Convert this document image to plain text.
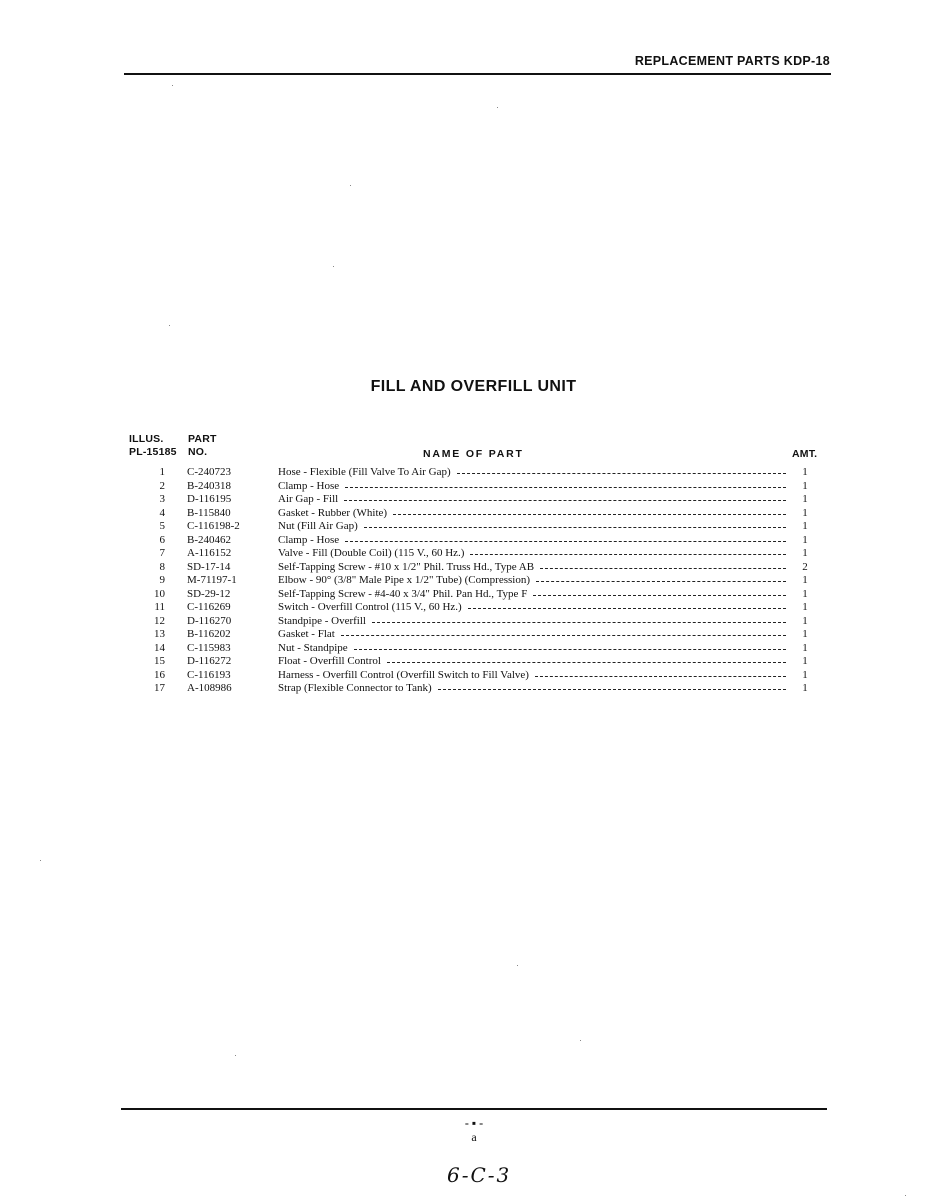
REPLACEMENT PARTS KDP-18
FILL AND OVERFILL UNIT
ILLUS.
PL-15185
PART
NO.	NAME OF PART	AMT.
1 C-240723	Hose - Flexible (Fill Valve To Air Gap)	1
2 B-240318	Clamp - Hose	1
3 D-116195	Air Gap - Fill	1
4 B-115840	Gasket - Rubber (White)	1
5 C-116198-2	Nut (Fill Air Gap)	1
6 B-240462	Clamp - Hose	1
7 A-116152	Valve - Fill (Double Coil) (115 V., 60 Hz.)	1
8 SD-17-14	Self-Tapping Screw - #10 x 1/2" Phil. Truss Hd., Type AB	2
9 M-71197-1	Elbow - 90° (3/8" Male Pipe x 1/2" Tube) (Compression)	1
10 SD-29-12	Self-Tapping Screw - #4-40 x 3/4" Phil. Pan Hd., Type F	1
11 C-116269	Switch - Overfill Control (115 V., 60 Hz.)	1
12 D-116270	Standpipe - Overfill	1
13 B-116202	Gasket - Flat	1
14 C-115983	Nut - Standpipe	1
15 D-116272	Float - Overfill Control	1
16 C-116193	Harness - Overfill Control (Overfill Switch to Fill Valve)	1
17 A-108986	Strap (Flexible Connector to Tank)	1
- ▪ -
a
6-C-3
